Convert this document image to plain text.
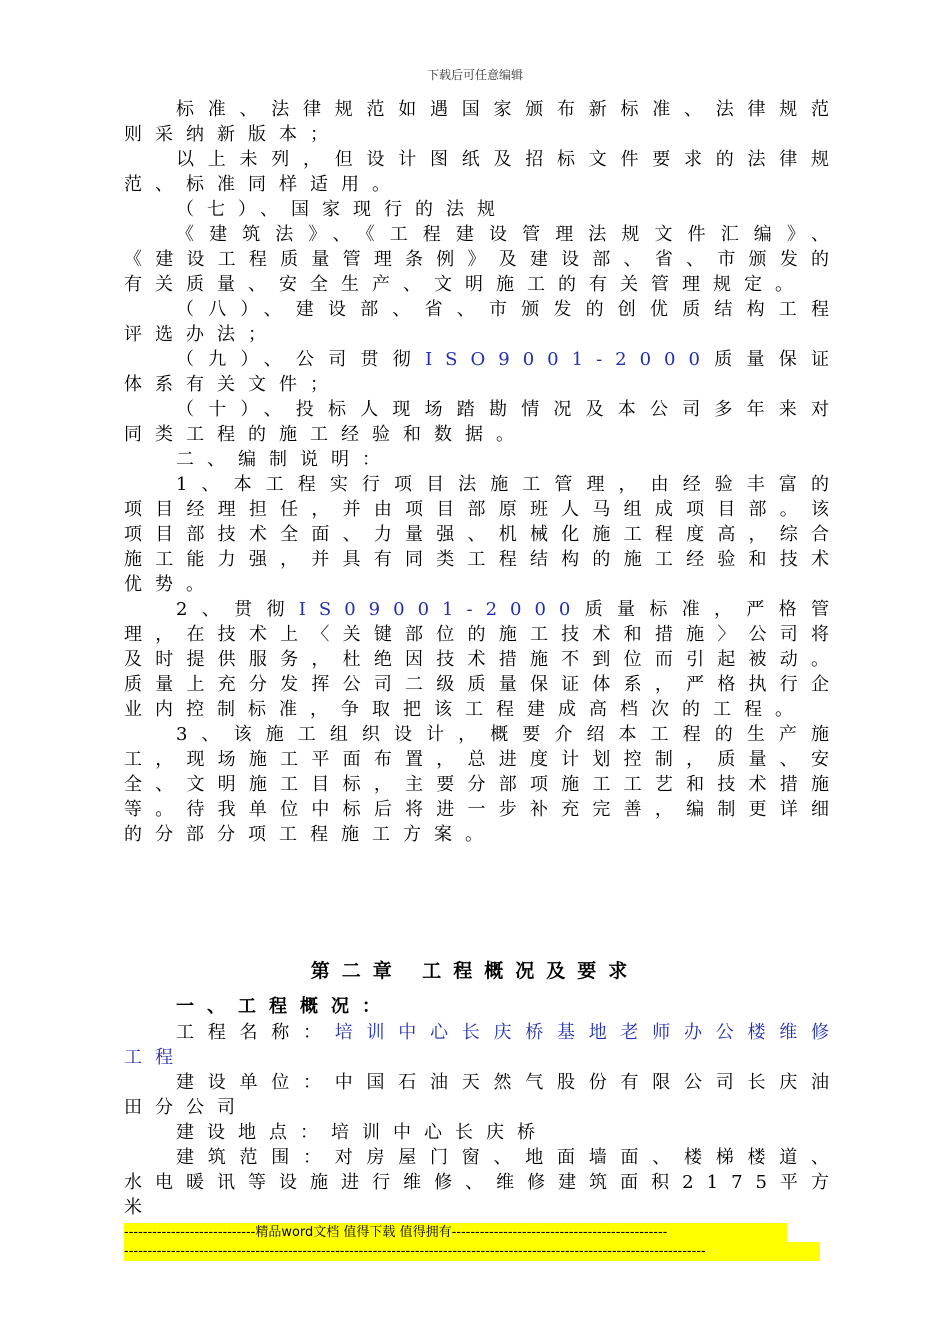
下载后可任意编辑

标准、法律规范如遇国家颁布新标准、法律规范则采纳新版本；

以上未列，但设计图纸及招标文件要求的法律规范、标准同样适用。

（七）、国家现行的法规

《建筑法》、《工程建设管理法规文件汇编》、《建设工程质量管理条例》及建设部、省、市颁发的有关质量、安全生产、文明施工的有关管理规定。

（八）、建设部、省、市颁发的创优质结构工程评选办法；

（九）、公司贯彻ISO9001-2000质量保证体系有关文件；

（十）、投标人现场踏勘情况及本公司多年来对同类工程的施工经验和数据。

二、编制说明：

1、本工程实行项目法施工管理，由经验丰富的项目经理担任，并由项目部原班人马组成项目部。该项目部技术全面、力量强、机械化施工程度高，综合施工能力强，并具有同类工程结构的施工经验和技术优势。

2、贯彻IS09001-2000质量标准，严格管理，在技术上〈关键部位的施工技术和措施〉公司将及时提供服务，杜绝因技术措施不到位而引起被动。质量上充分发挥公司二级质量保证体系，严格执行企业内控制标准，争取把该工程建成高档次的工程。

3、该施工组织设计，概要介绍本工程的生产施工，现场施工平面布置，总进度计划控制，质量、安全、文明施工目标，主要分部项施工工艺和技术措施等。待我单位中标后将进一步补充完善，编制更详细的分部分项工程施工方案。

第二章 工程概况及要求
一、工程概况：

工程名称：培训中心长庆桥基地老师办公楼维修工程

建设单位：中国石油天然气股份有限公司长庆油田分公司

建设地点：培训中心长庆桥

建筑范围：对房屋门窗、地面墙面、楼梯楼道、水电暖讯等设施进行维修、维修建筑面积2175平方米

----------------------------精品word文档 值得下载 值得拥有----------------------------------------------
----------------------------------------------------------------------------------------------------------------------------
